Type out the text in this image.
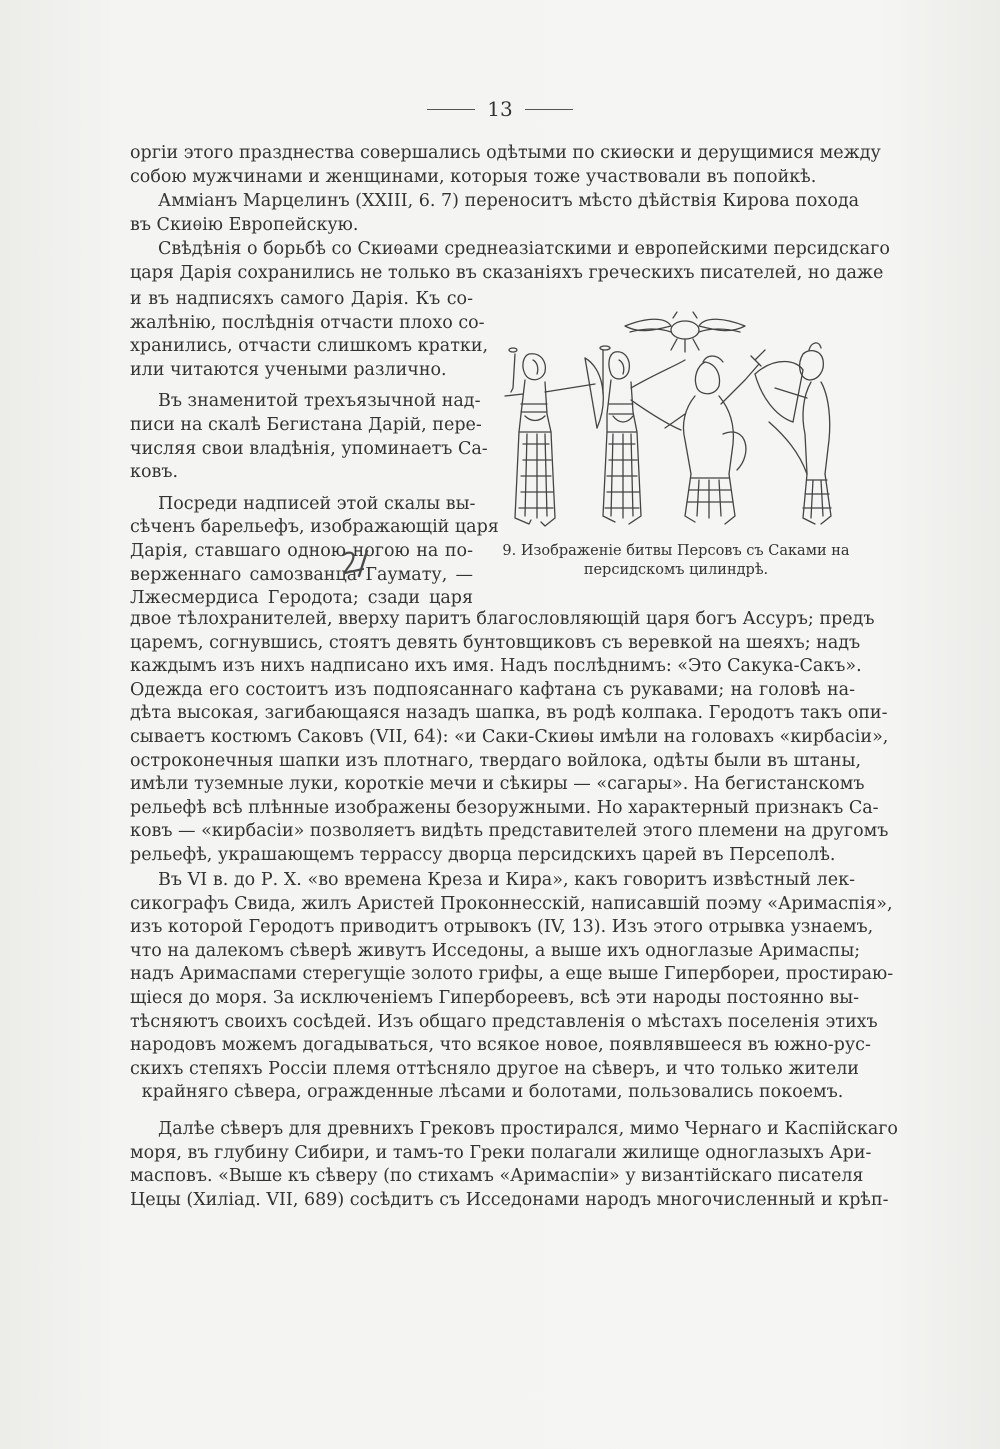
13
оргiи этого празднества совершались одѣтыми по скиѳски и дерущимися между
собою мужчинами и женщинами, которыя тоже участвовали въ попойкѣ.
Аммiанъ Марцелинъ (XXIII, 6. 7) переноситъ мѣсто дѣйствiя Кирова похода
въ Скиѳiю Европейскую.
Свѣдѣнiя о борьбѣ со Скиѳами среднеазiатскими и европейскими персидскаго
царя Дарiя сохранились не только въ сказанiяхъ греческихъ писателей, но даже

и въ надписяхъ самого Дарiя. Къ со-
жалѣнiю, послѣднiя отчасти плохо со-
хранились, отчасти слишкомъ кратки,
или читаются учеными различно.

Въ знаменитой трехъязычной над-
писи на скалѣ Бегистана Дарiй, пере-
числяя свои владѣнiя, упоминаетъ Са-
ковъ.

Посреди надписей этой скалы вы-
сѣченъ барельефъ, изображающiй царя
Дарiя, ставшаго одною ногою на по-
верженнаго самозванца Гаумату, —
Лжесмердиса Геродота; сзади царя

9. Изображенiе битвы Персовъ съ Саками на
персидскомъ цилиндрѣ.
двое тѣлохранителей, вверху паритъ благословляющiй царя богъ Ассуръ; предъ
царемъ, согнувшись, стоятъ девять бунтовщиковъ съ веревкой на шеяхъ; надъ
каждымъ изъ нихъ надписано ихъ имя. Надъ послѣднимъ: «Это Сакука-Сакъ».
Одежда его состоитъ изъ подпоясаннаго кафтана съ рукавами; на головѣ на-
дѣта высокая, загибающаяся назадъ шапка, въ родѣ колпака. Геродотъ такъ опи-
сываетъ костюмъ Саковъ (VII, 64): «и Саки-Скиѳы имѣли на головахъ «кирбасiи»,
остроконечныя шапки изъ плотнаго, твердаго войлока, одѣты были въ штаны,
имѣли туземные луки, короткiе мечи и сѣкиры — «сагары». На бегистанскомъ
рельефѣ всѣ плѣнные изображены безоружными. Но характерный признакъ Са-
ковъ — «кирбасiи» позволяетъ видѣть представителей этого племени на другомъ
рельефѣ, украшающемъ террассу дворца персидскихъ царей въ Персеполѣ.
Въ VI в. до Р. Х. «во времена Креза и Кира», какъ говоритъ извѣстный лек-
сикографъ Свида, жилъ Аристей Проконнесскiй, написавшiй поэму «Аримаспiя»,
изъ которой Геродотъ приводитъ отрывокъ (IV, 13). Изъ этого отрывка узнаемъ,
что на далекомъ сѣверѣ живутъ Исседоны, а выше ихъ одноглазые Аримаспы;
надъ Аримаспами стерегущiе золото грифы, а еще выше Гипербореи, простираю-
щiеся до моря. За исключенiемъ Гипербореевъ, всѣ эти народы постоянно вы-
тѣсняютъ своихъ сосѣдей. Изъ общаго представленiя о мѣстахъ поселенiя этихъ
народовъ можемъ догадываться, что всякое новое, появлявшееся въ южно-рус-
скихъ степяхъ Россiи племя оттѣсняло другое на сѣверъ, и что только жители
крайняго сѣвера, огражденные лѣсами и болотами, пользовались покоемъ.
Далѣе сѣверъ для древнихъ Грековъ простирался, мимо Чернаго и Каспiйскаго
моря, въ глубину Сибири, и тамъ-то Греки полагали жилище одноглазыхъ Ари-
масповъ. «Выше къ сѣверу (по стихамъ «Аримаспiи» у византiйскаго писателя
Цецы (Хилiад. VII, 689) сосѣдитъ съ Исседонами народъ многочисленный и крѣп-
